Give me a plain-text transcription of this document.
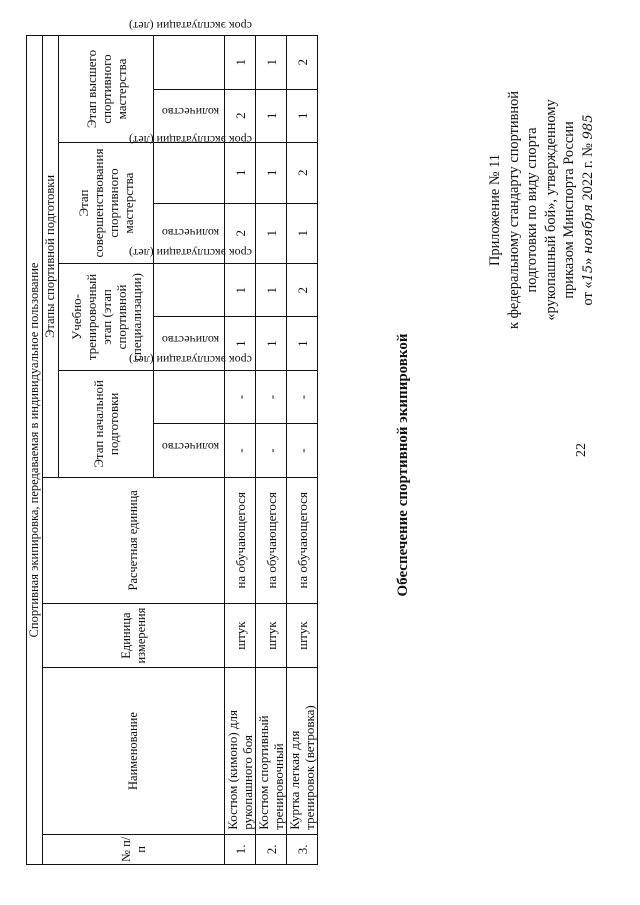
22
Приложение № 11 к федеральному стандарту спортивной подготовки по виду спорта «рукопашный бой», утвержденному приказом Минспорта России от «15» ноября 2022 г. № 985
Обеспечение спортивной экипировкой
Спортивная экипировка, передаваемая в индивидуальное пользование											
№ п/п	Наименование	Единица измерения	Расчетная единица	Этапы спортивной подготовки							
				Этап начальной подготовки		Учебно-тренировочный этап (этап спортивной специализации)		Этап совершенствования спортивного мастерства		Этап высшего спортивного мастерства	
				количество	срок эксплуатации (лет)	количество	срок эксплуатации (лет)	количество	срок эксплуатации (лет)	количество	срок эксплуатации (лет)
1.	Костюм (кимоно) для рукопашного боя	штук	на обучающегося	-	-	1	1	2	1	2	1
2.	Костюм спортивный тренировочный	штук	на обучающегося	-	-	1	1	1	1	1	1
3.	Куртка легкая для тренировок (ветровка)	штук	на обучающегося	-	-	1	2	1	2	1	2
